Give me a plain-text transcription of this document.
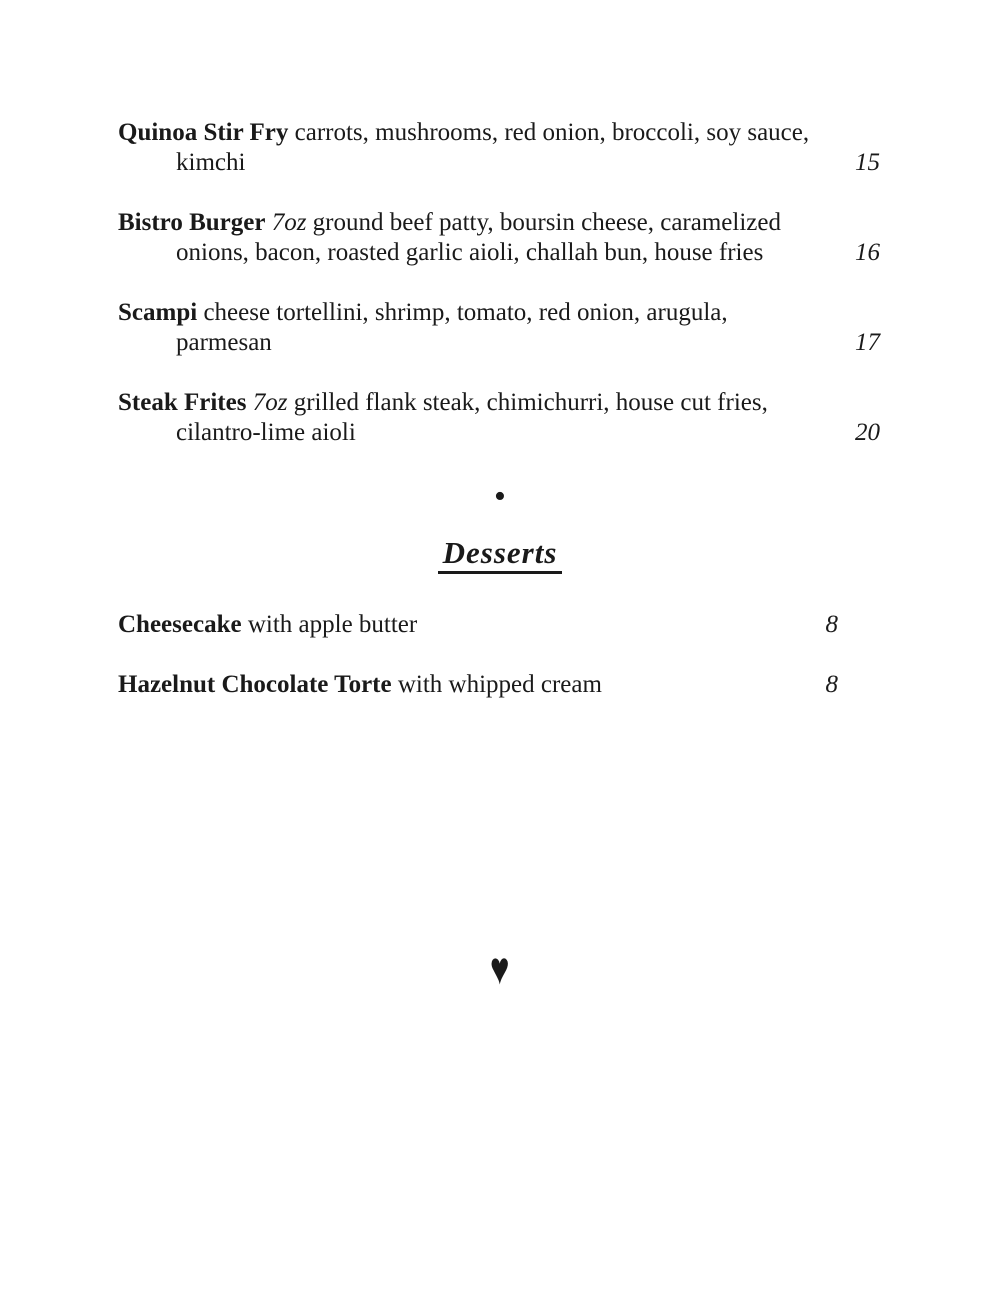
Quinoa Stir Fry carrots, mushrooms, red onion, broccoli, soy sauce,
kimchi	15
Bistro Burger 7oz ground beef patty, boursin cheese, caramelized
onions, bacon, roasted garlic aioli, challah bun, house fries	16
Scampi cheese tortellini, shrimp, tomato, red onion, arugula,
parmesan	17
Steak Frites 7oz grilled flank steak, chimichurri, house cut fries,
cilantro-lime aioli	20
•
Desserts
Cheesecake with apple butter	8
Hazelnut Chocolate Torte with whipped cream	8
♥
